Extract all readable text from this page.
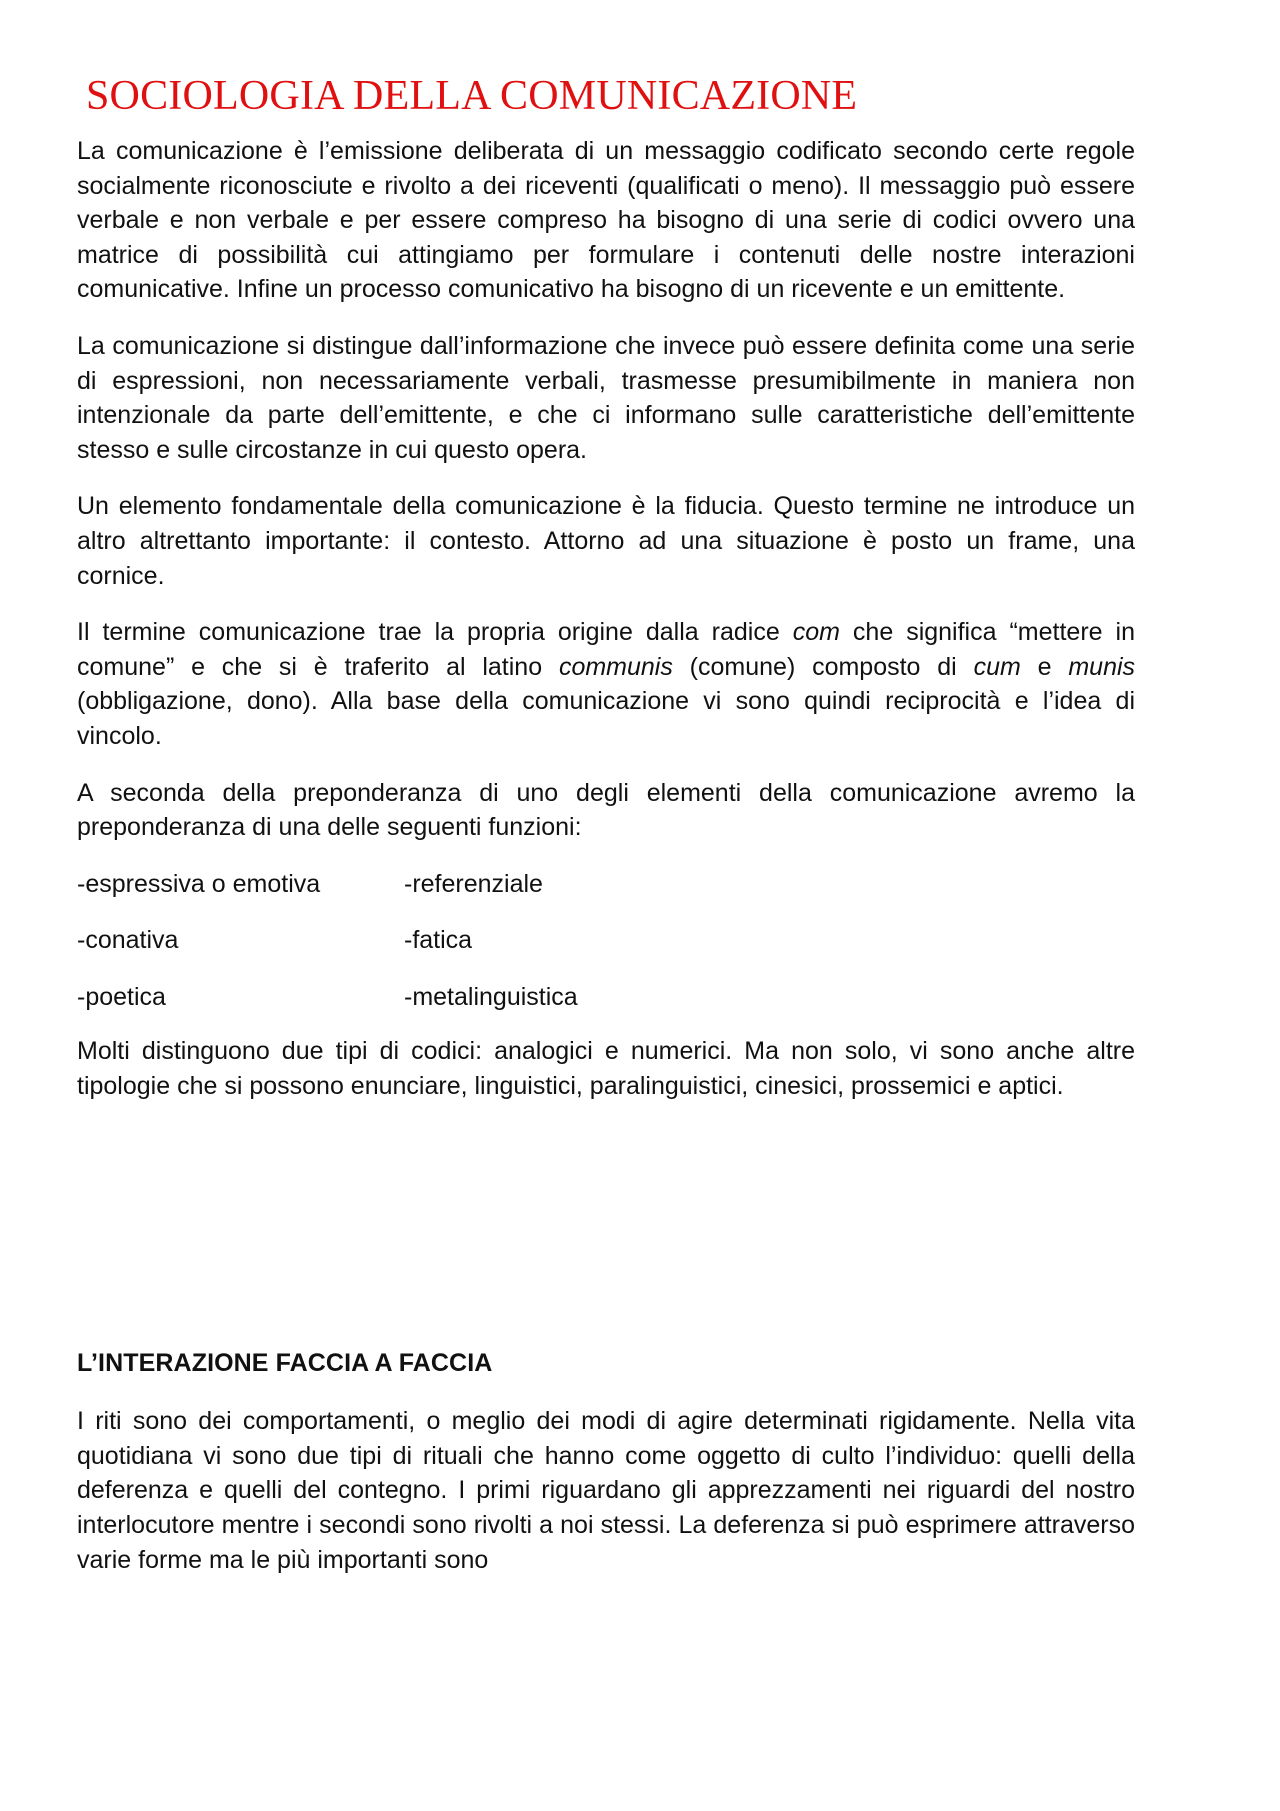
SOCIOLOGIA DELLA COMUNICAZIONE

La comunicazione è l’emissione deliberata di un messaggio codificato secondo certe regole socialmente riconosciute e rivolto a dei riceventi (qualificati o meno). Il messaggio può essere verbale e non verbale e per essere compreso ha bisogno di una serie di codici ovvero una matrice di possibilità cui attingiamo per formulare i contenuti delle nostre interazioni comunicative. Infine un processo comunicativo ha bisogno di un ricevente e un emittente.

La comunicazione si distingue dall’informazione che invece può essere definita come una serie di espressioni, non necessariamente verbali, trasmesse presumibilmente in maniera non intenzionale da parte dell’emittente, e che ci informano sulle caratteristiche dell’emittente stesso e sulle circostanze in cui questo opera.

Un elemento fondamentale della comunicazione è la fiducia. Questo termine ne introduce un altro altrettanto importante: il contesto. Attorno ad una situazione è posto un frame, una cornice.

Il termine comunicazione trae la propria origine dalla radice com che significa “mettere in comune” e che si è traferito al latino communis (comune) composto di cum e munis (obbligazione, dono). Alla base della comunicazione vi sono quindi reciprocità e l’idea di vincolo.

A seconda della preponderanza di uno degli elementi della comunicazione avremo la preponderanza di una delle seguenti funzioni:

-espressiva o emotiva	-referenziale
-conativa	-fatica
-poetica	-metalinguistica

Molti distinguono due tipi di codici: analogici e numerici. Ma non solo, vi sono anche altre tipologie che si possono enunciare, linguistici, paralinguistici, cinesici, prossemici e aptici.

L’INTERAZIONE FACCIA A FACCIA

I riti sono dei comportamenti, o meglio dei modi di agire determinati rigidamente. Nella vita quotidiana vi sono due tipi di rituali che hanno come oggetto di culto l’individuo: quelli della deferenza e quelli del contegno. I primi riguardano gli apprezzamenti nei riguardi del nostro interlocutore mentre i secondi sono rivolti a noi stessi. La deferenza si può esprimere attraverso varie forme ma le più importanti sono
